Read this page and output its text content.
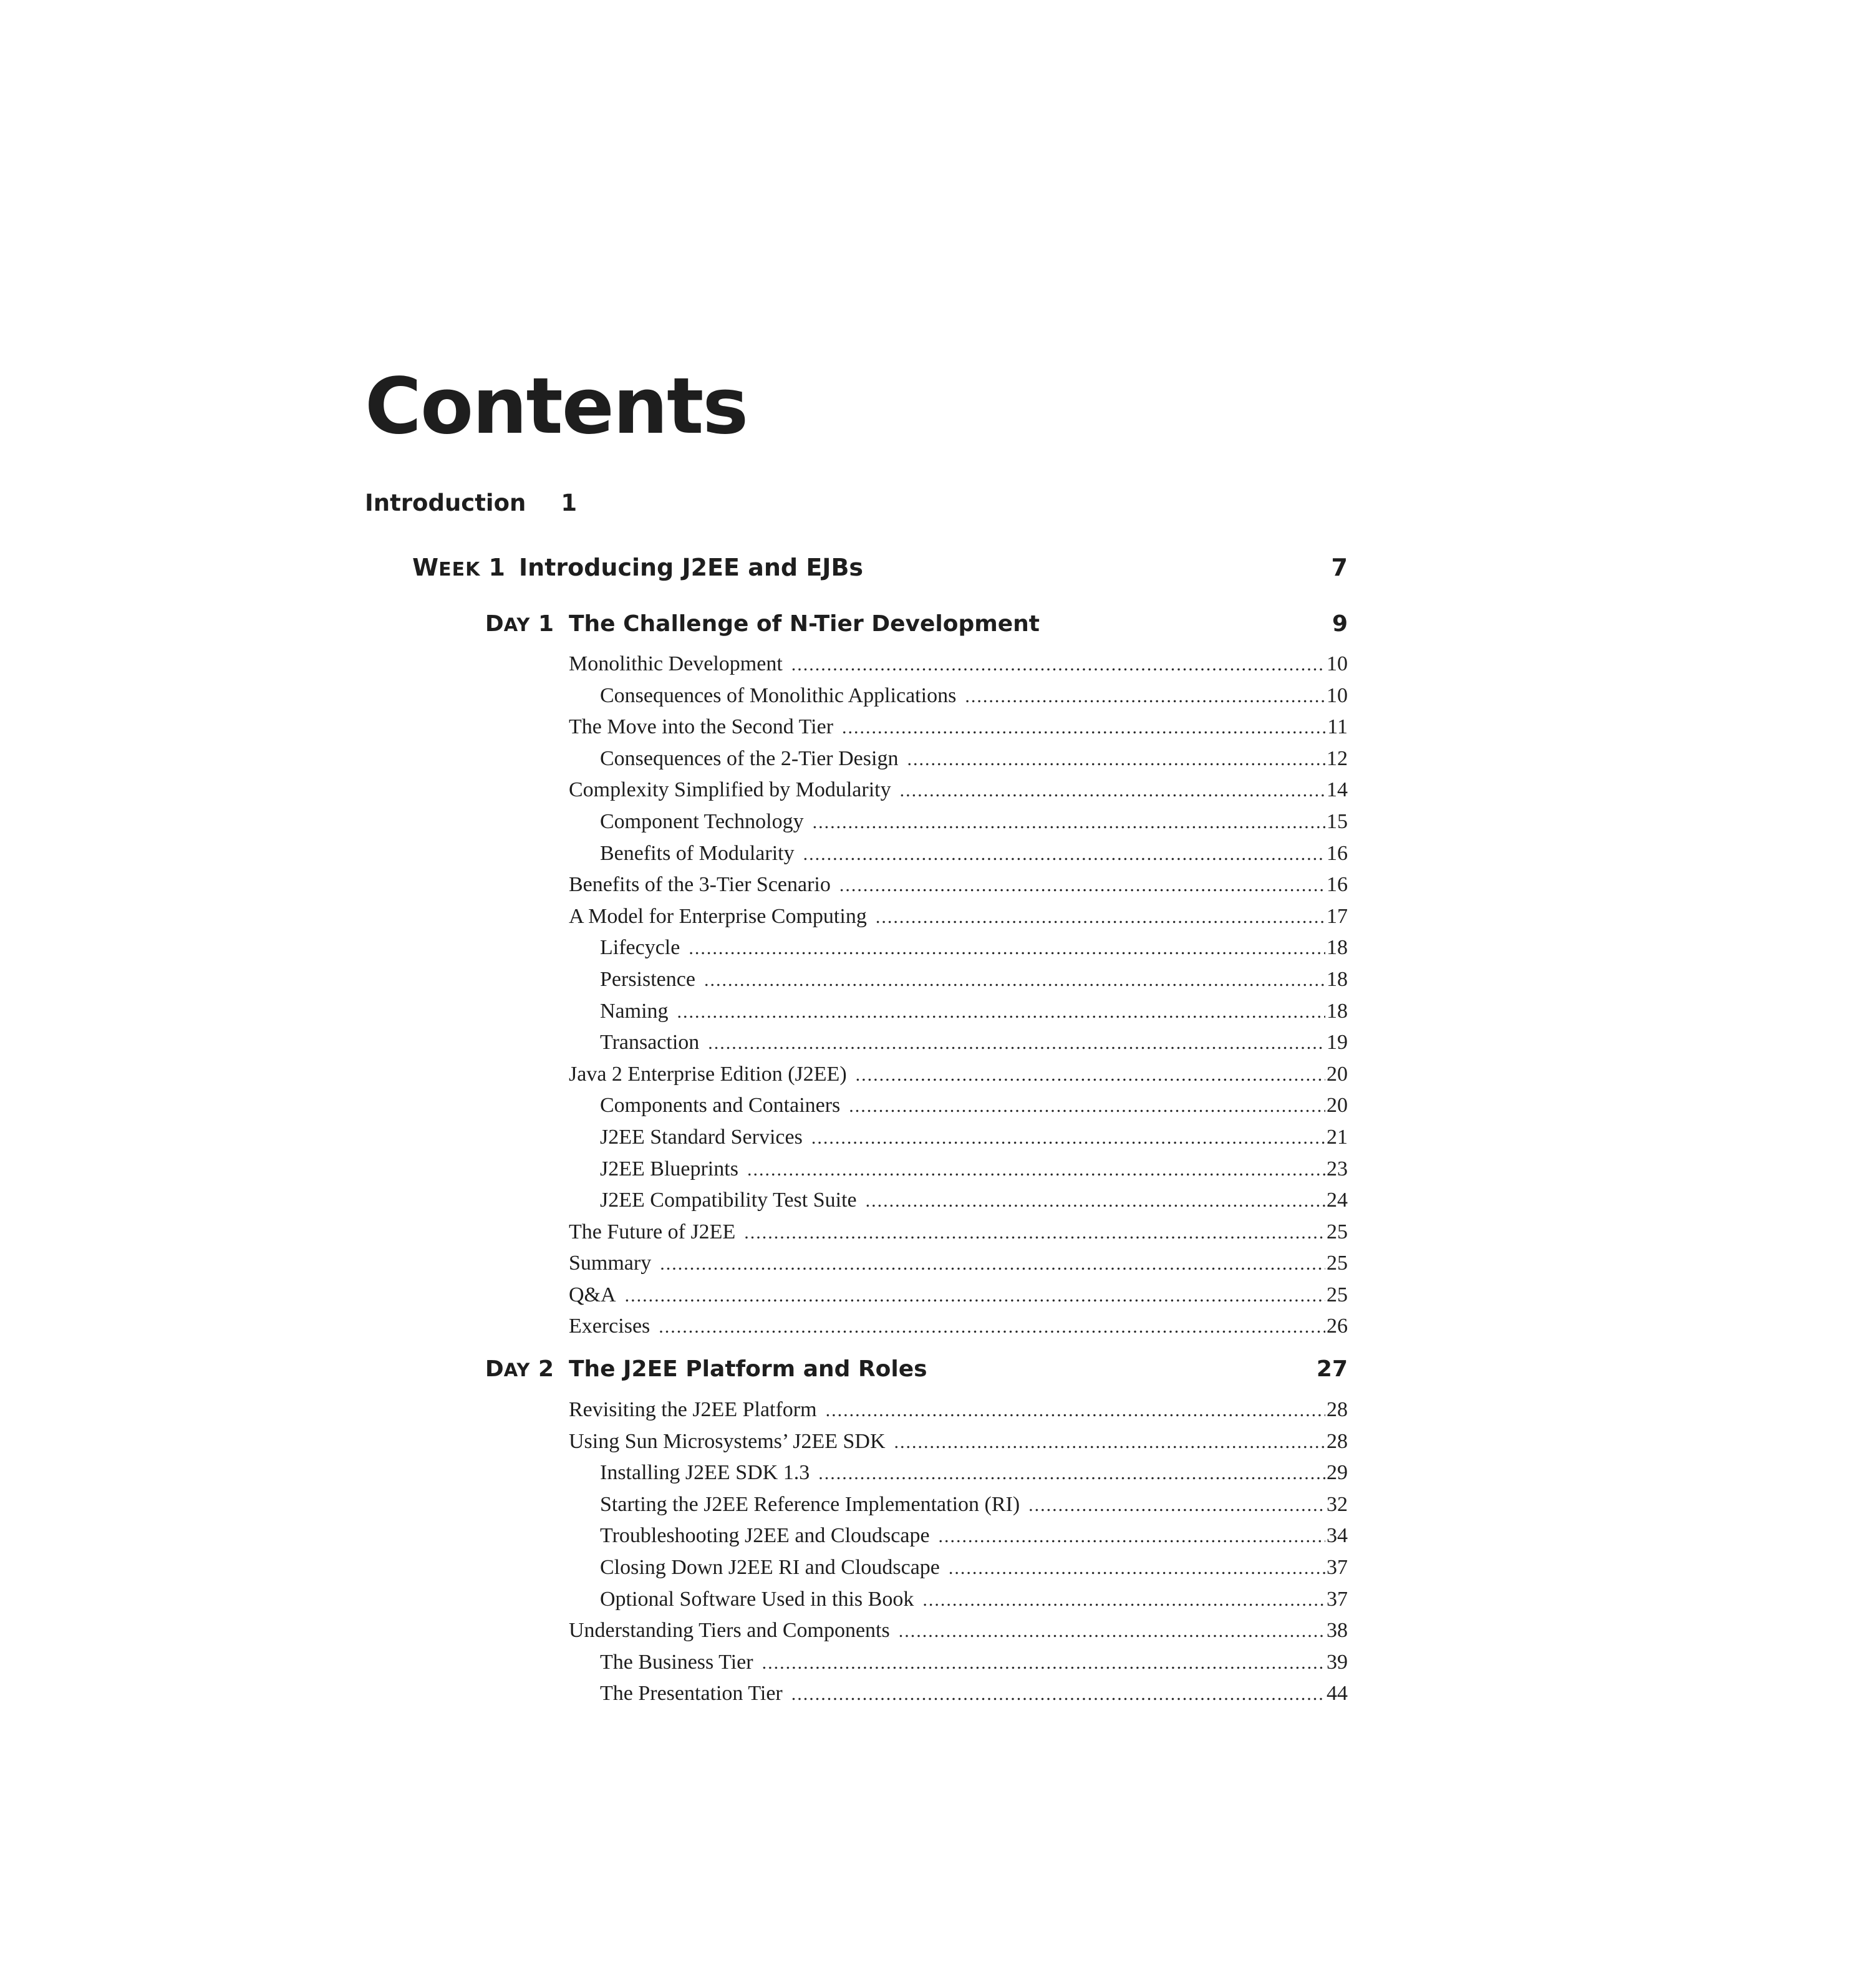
Contents
Introduction 1
WEEK 1 Introducing J2EE and EJBs	7
DAY 1 The Challenge of N-Tier Development	9
Monolithic Development .....	10
Consequences of Monolithic Applications .....	10
The Move into the Second Tier .....	11
Consequences of the 2-Tier Design .....	12
Complexity Simplified by Modularity .....	14
Component Technology .....	15
Benefits of Modularity .....	16
Benefits of the 3-Tier Scenario .....	16
A Model for Enterprise Computing .....	17
Lifecycle .....	18
Persistence .....	18
Naming .....	18
Transaction .....	19
Java 2 Enterprise Edition (J2EE) .....	20
Components and Containers .....	20
J2EE Standard Services .....	21
J2EE Blueprints .....	23
J2EE Compatibility Test Suite .....	24
The Future of J2EE .....	25
Summary .....	25
Q&A .....	25
Exercises .....	26
DAY 2 The J2EE Platform and Roles	27
Revisiting the J2EE Platform .....	28
Using Sun Microsystems’ J2EE SDK .....	28
Installing J2EE SDK 1.3 .....	29
Starting the J2EE Reference Implementation (RI) .....	32
Troubleshooting J2EE and Cloudscape .....	34
Closing Down J2EE RI and Cloudscape .....	37
Optional Software Used in this Book .....	37
Understanding Tiers and Components .....	38
The Business Tier .....	39
The Presentation Tier .....	44
